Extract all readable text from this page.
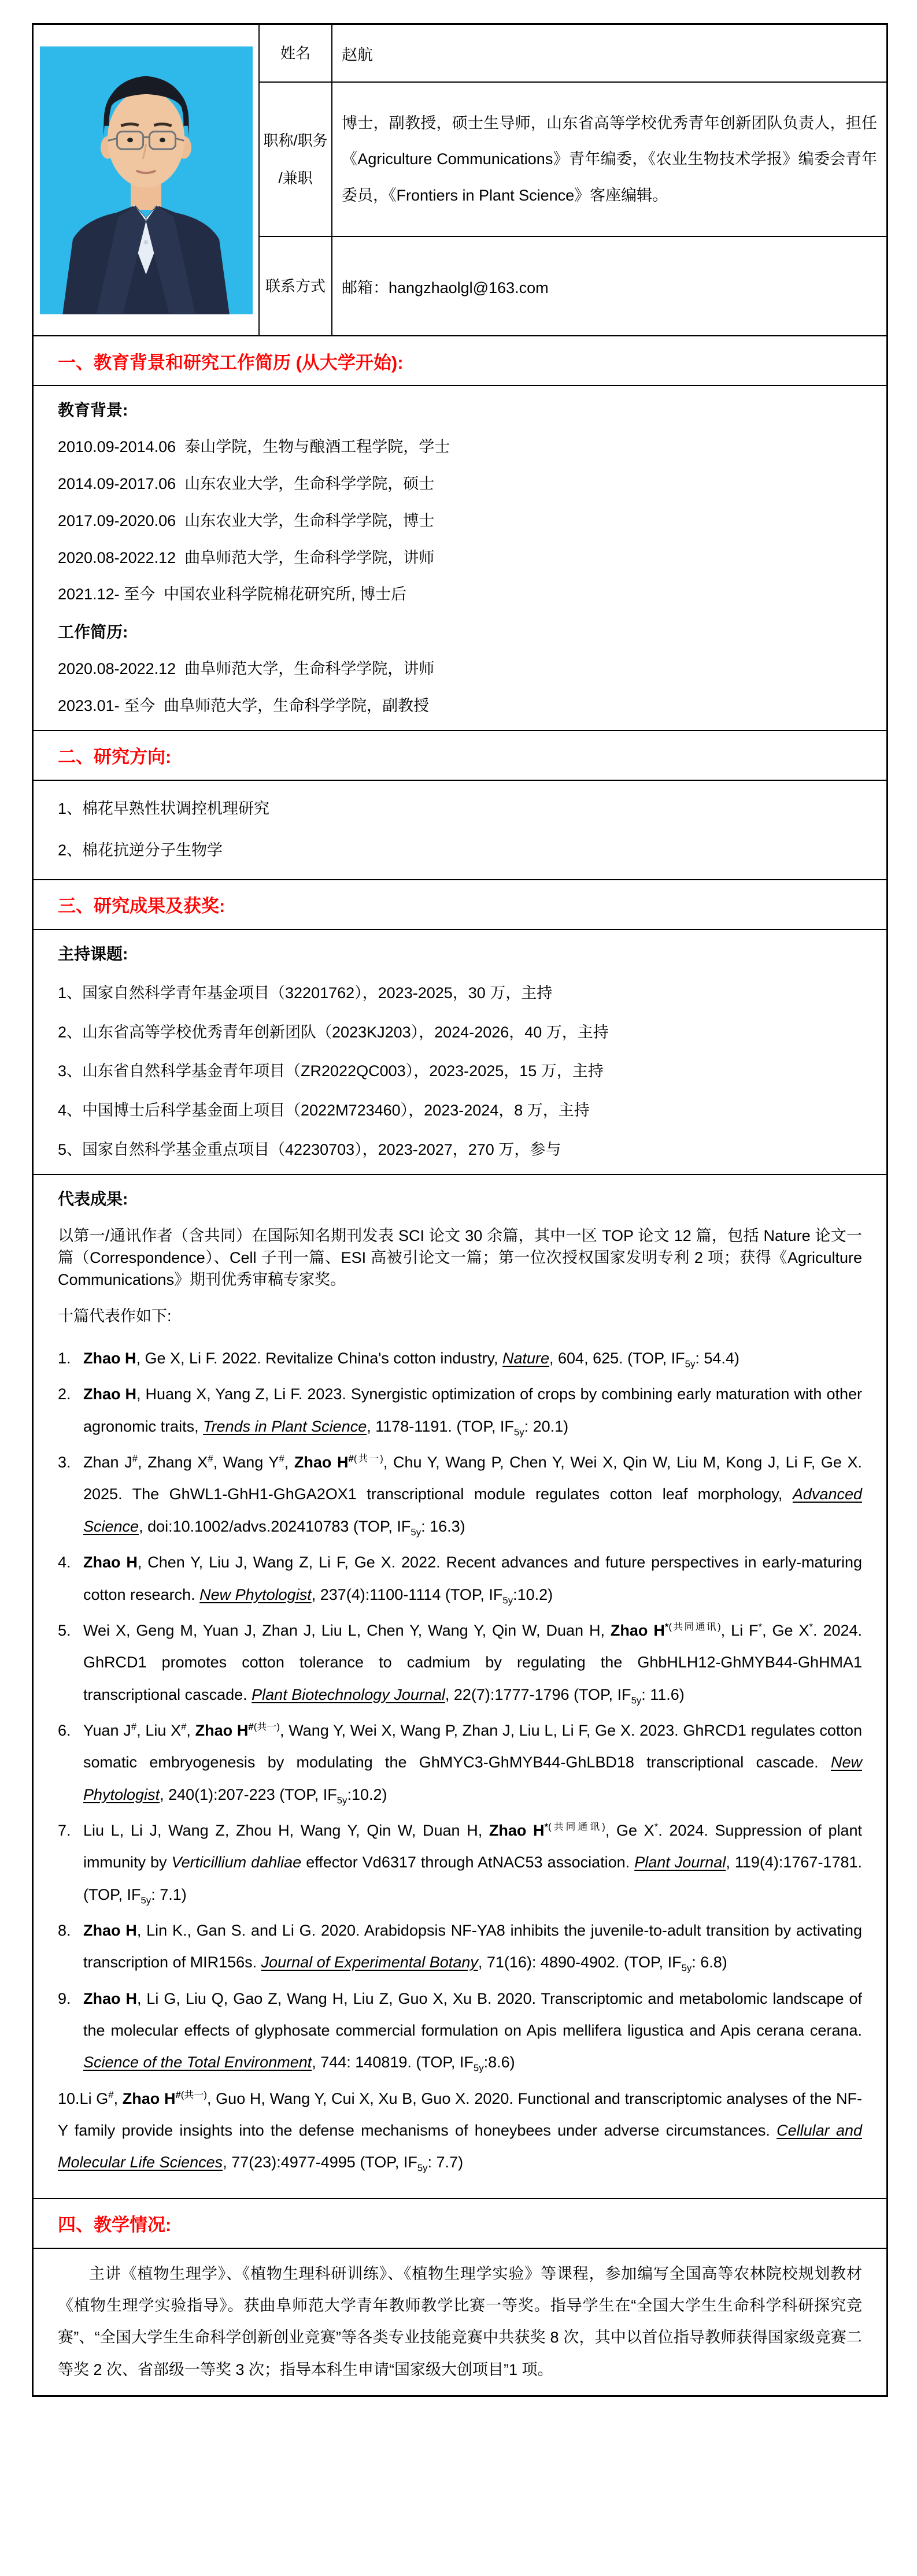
	姓名	赵航

	职称/职务
/兼职	博士，副教授，硕士生导师，山东省高等学校优秀青年创新团队负责人，担任《Agriculture Communications》青年编委，《农业生物技术学报》编委会青年委员，《Frontiers in Plant Science》客座编辑。
	联系方式	邮箱：hangzhaolgl@163.com
一、教育背景和研究工作简历 (从大学开始):

教育背景:

2010.09-2014.06  泰山学院，生物与酿酒工程学院，学士

2014.09-2017.06  山东农业大学，生命科学学院，硕士

2017.09-2020.06  山东农业大学，生命科学学院，博士

2020.08-2022.12  曲阜师范大学，生命科学学院，讲师

2021.12- 至今  中国农业科学院棉花研究所, 博士后

工作简历:

2020.08-2022.12  曲阜师范大学，生命科学学院，讲师

2023.01- 至今  曲阜师范大学，生命科学学院，副教授

二、研究方向:

1、棉花早熟性状调控机理研究

2、棉花抗逆分子生物学

三、研究成果及获奖:

主持课题:

1、国家自然科学青年基金项目（32201762），2023-2025，30 万，主持

2、山东省高等学校优秀青年创新团队（2023KJ203），2024-2026，40 万，主持

3、山东省自然科学基金青年项目（ZR2022QC003），2023-2025，15 万，主持

4、中国博士后科学基金面上项目（2022M723460），2023-2024，8 万，主持

5、国家自然科学基金重点项目（42230703），2023-2027，270 万，参与

代表成果:

以第一/通讯作者（含共同）在国际知名期刊发表 SCI 论文 30 余篇，其中一区 TOP 论文 12 篇，包括 Nature 论文一篇（Correspondence）、Cell 子刊一篇、ESI 高被引论文一篇；第一位次授权国家发明专利 2 项；获得《Agriculture Communications》期刊优秀审稿专家奖。

十篇代表作如下:

1. Zhao H, Ge X, Li F. 2022. Revitalize China's cotton industry, Nature, 604, 625. (TOP, $IF_{5y}$: 54.4)
2. Zhao H, Huang X, Yang Z, Li F. 2023. Synergistic optimization of crops by combining early maturation with other agronomic traits, Trends in Plant Science, 1178-1191. (TOP, $IF_{5y}$: 20.1)
3. Zhan J#, Zhang X#, Wang Y#, Zhao $H^{\#(共一)}$, Chu Y, Wang P, Chen Y, Wei X, Qin W, Liu M, Kong J, Li F, Ge X. 2025. The GhWL1-GhH1-GhGA2OX1 transcriptional module regulates cotton leaf morphology, Advanced Science, doi:10.1002/advs.202410783 (TOP, $IF_{5y}$: 16.3)
4. Zhao H, Chen Y, Liu J, Wang Z, Li F, Ge X. 2022. Recent advances and future perspectives in early-maturing cotton research. New Phytologist, 237(4):1100-1114 (TOP, $IF_{5y}:10.2$)
5. Wei X, Geng M, Yuan J, Zhan J, Liu L, Chen Y, Wang Y, Qin W, Duan H, Zhao $H^{*(共同通讯)}$, Li F*, Ge X*. 2024. GhRCD1 promotes cotton tolerance to cadmium by regulating the GhbHLH12-GhMYB44-GhHMA1 transcriptional cascade. Plant Biotechnology Journal, 22(7):1777-1796 (TOP, $IF_{5y}$: 11.6)
6. Yuan J#, Liu X#, Zhao $H^{\#(共一)}$, Wang Y, Wei X, Wang P, Zhan J, Liu L, Li F, Ge X. 2023. GhRCD1 regulates cotton somatic embryogenesis by modulating the GhMYC3-GhMYB44-GhLBD18 transcriptional cascade. New Phytologist, 240(1):207-223 (TOP, $IF_{5y}:10.2$)
7. Liu L, Li J, Wang Z, Zhou H, Wang Y, Qin W, Duan H, Zhao $H^{*(共同通讯)}$, Ge X*. 2024. Suppression of plant immunity by Verticillium dahliae effector Vd6317 through AtNAC53 association. Plant Journal, 119(4):1767-1781. (TOP, $IF_{5y}$: 7.1)
8. Zhao H, Lin K., Gan S. and Li G. 2020. Arabidopsis NF-YA8 inhibits the juvenile-to-adult transition by activating transcription of MIR156s. Journal of Experimental Botany, 71(16): 4890-4902. (TOP, $IF_{5y}$: 6.8)
9. Zhao H, Li G, Liu Q, Gao Z, Wang H, Liu Z, Guo X, Xu B. 2020. Transcriptomic and metabolomic landscape of the molecular effects of glyphosate commercial formulation on Apis mellifera ligustica and Apis cerana cerana. Science of the Total Environment, 744: 140819. (TOP, $IF_{5y}:8.6$)
10.Li G#, Zhao $H^{\#(共一)}$, Guo H, Wang Y, Cui X, Xu B, Guo X. 2020. Functional and transcriptomic analyses of the NF-Y family provide insights into the defense mechanisms of honeybees under adverse circumstances. Cellular and Molecular Life Sciences, 77(23):4977-4995 (TOP, $IF_{5y}$: 7.7)
四、教学情况:

主讲《植物生理学》、《植物生理科研训练》、《植物生理学实验》等课程，参加编写全国高等农林院校规划教材《植物生理学实验指导》。获曲阜师范大学青年教师教学比赛一等奖。指导学生在“全国大学生生命科学科研探究竞赛”、“全国大学生生命科学创新创业竞赛”等各类专业技能竞赛中共获奖 8 次，其中以首位指导教师获得国家级竞赛二等奖 2 次、省部级一等奖 3 次；指导本科生申请“国家级大创项目”1 项。
